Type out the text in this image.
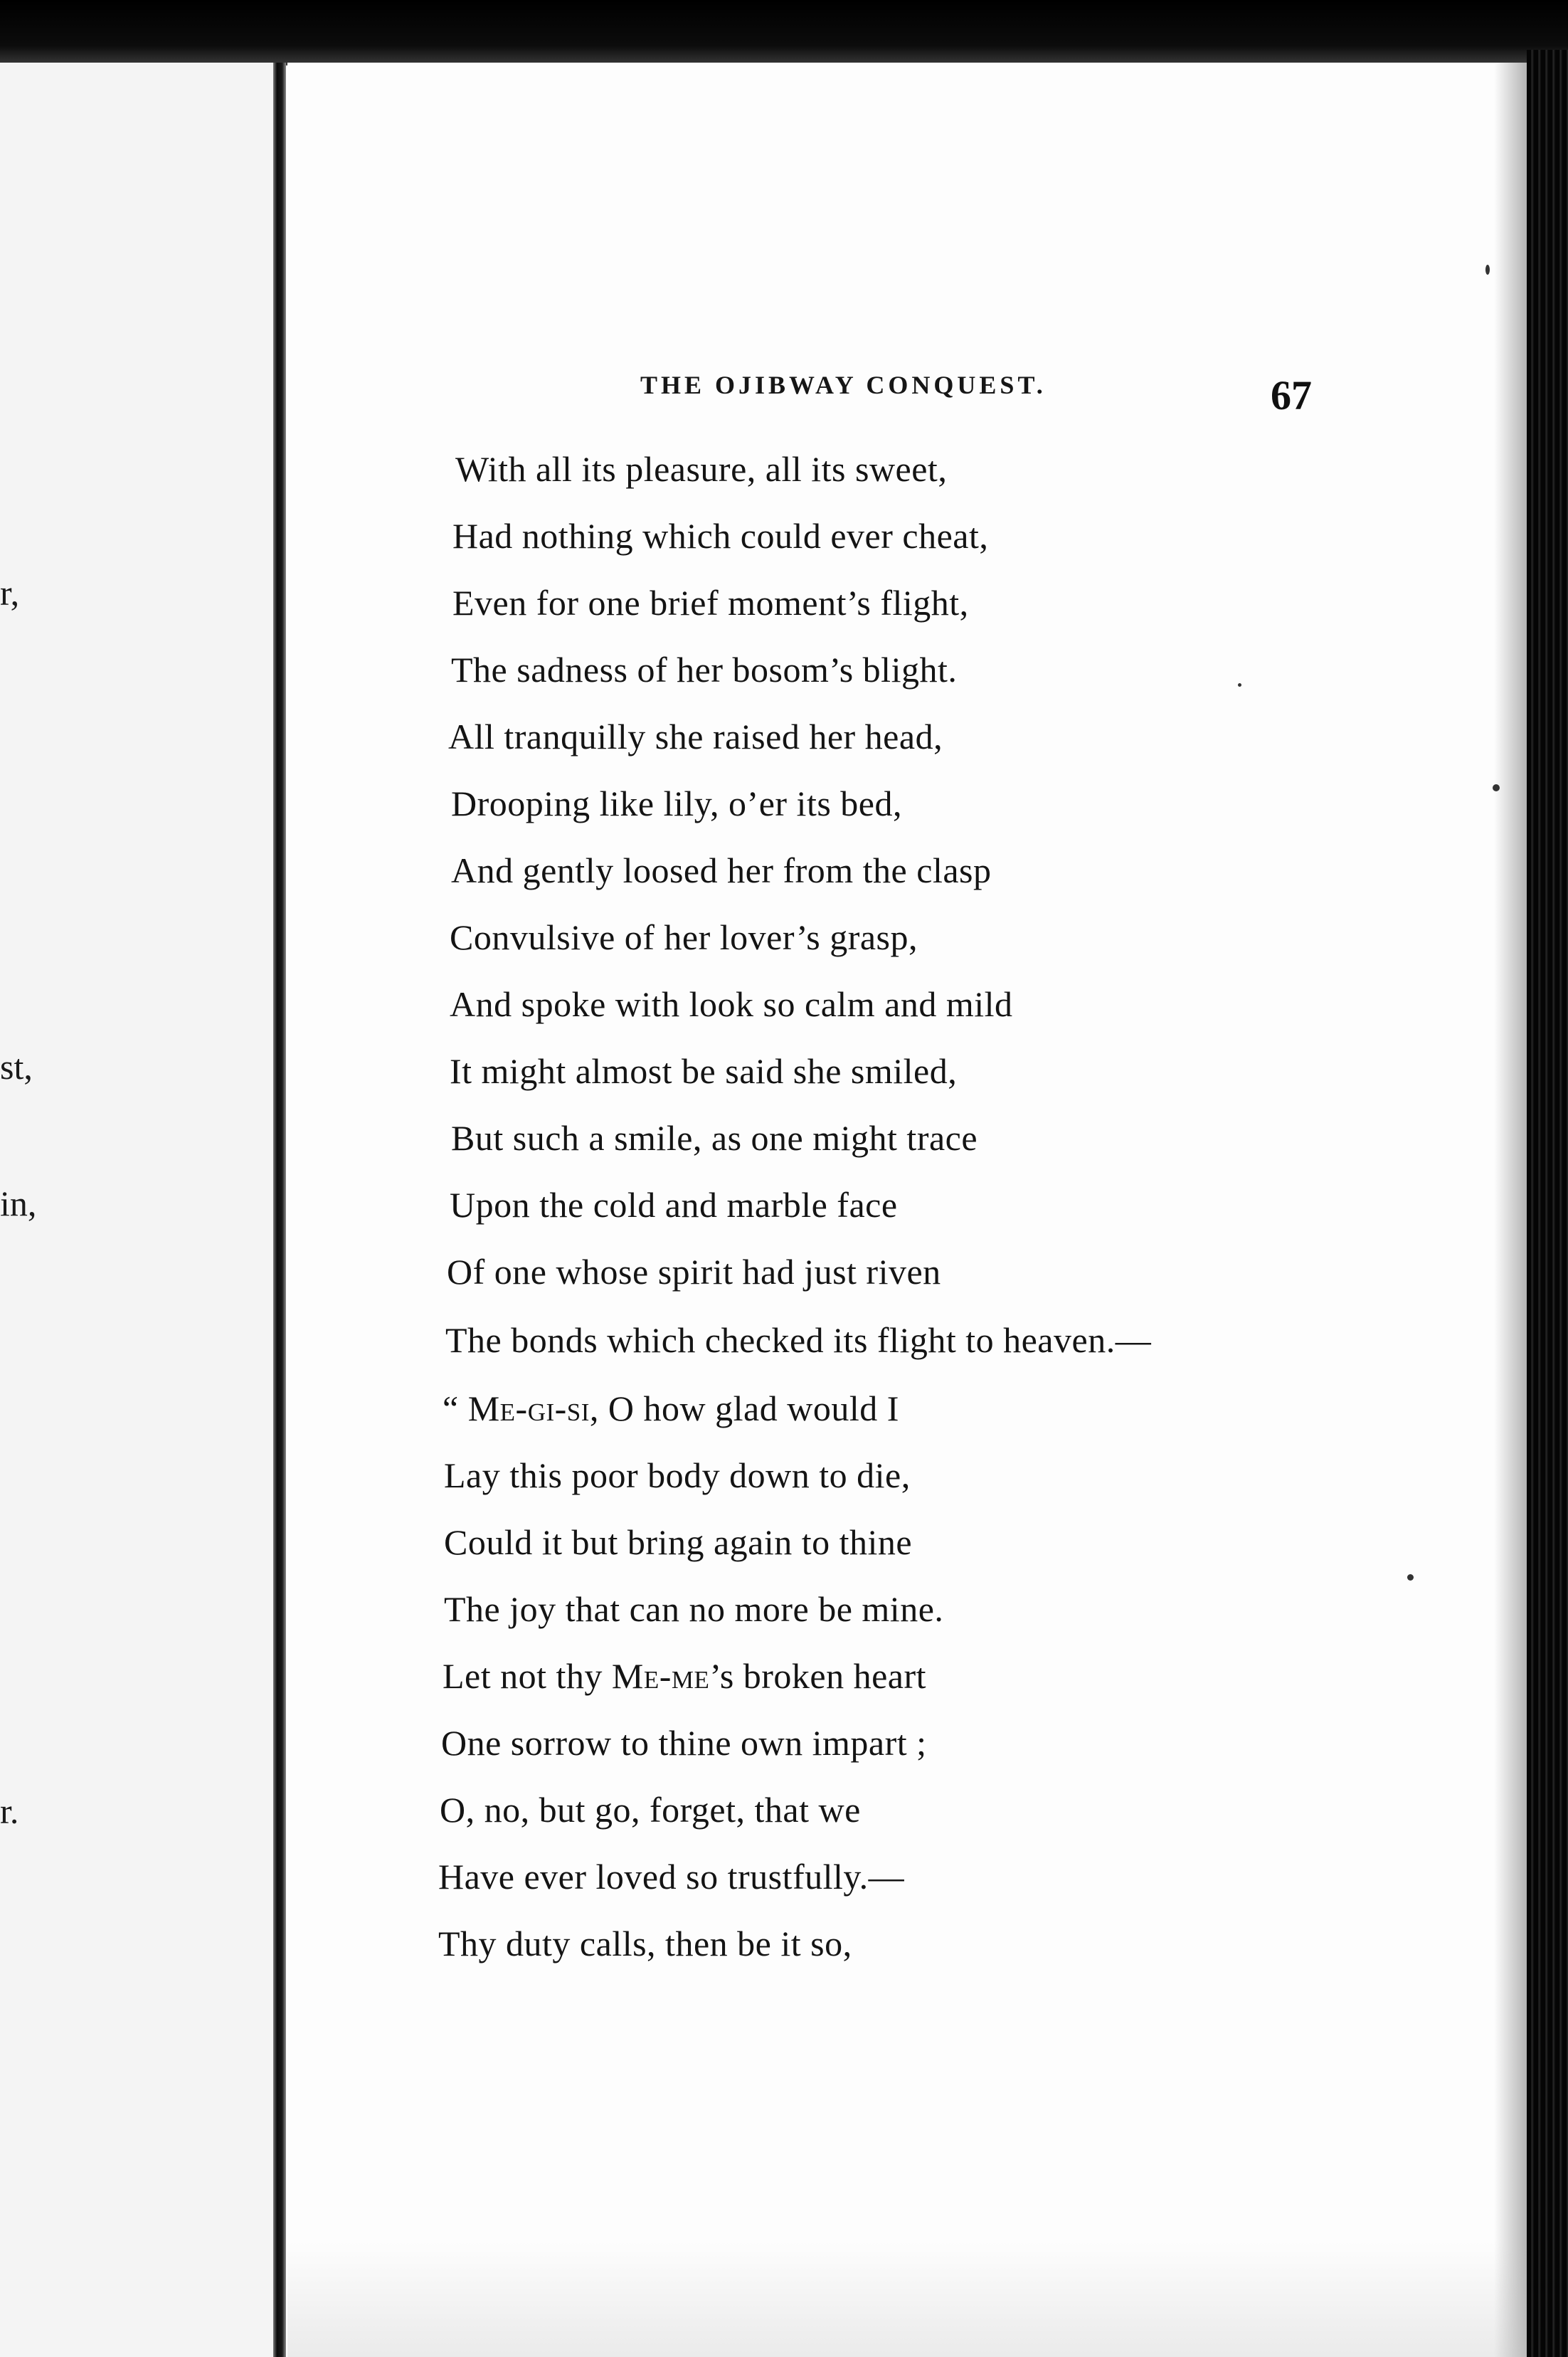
r,
st,
in,
r.
THE OJIBWAY CONQUEST.	67
With all its pleasure, all its sweet,
Had nothing which could ever cheat,
Even for one brief moment’s flight,
The sadness of her bosom’s blight.
All tranquilly she raised her head,
Drooping like lily, o’er its bed,
And gently loosed her from the clasp
Convulsive of her lover’s grasp,
And spoke with look so calm and mild
It might almost be said she smiled,
But such a smile, as one might trace
Upon the cold and marble face
Of one whose spirit had just riven
The bonds which checked its flight to heaven.—
“ Me-gi-si, O how glad would I
Lay this poor body down to die,
Could it but bring again to thine
The joy that can no more be mine.
Let not thy Me-me’s broken heart
One sorrow to thine own impart ;
O, no, but go, forget, that we
Have ever loved so trustfully.—
Thy duty calls, then be it so,
